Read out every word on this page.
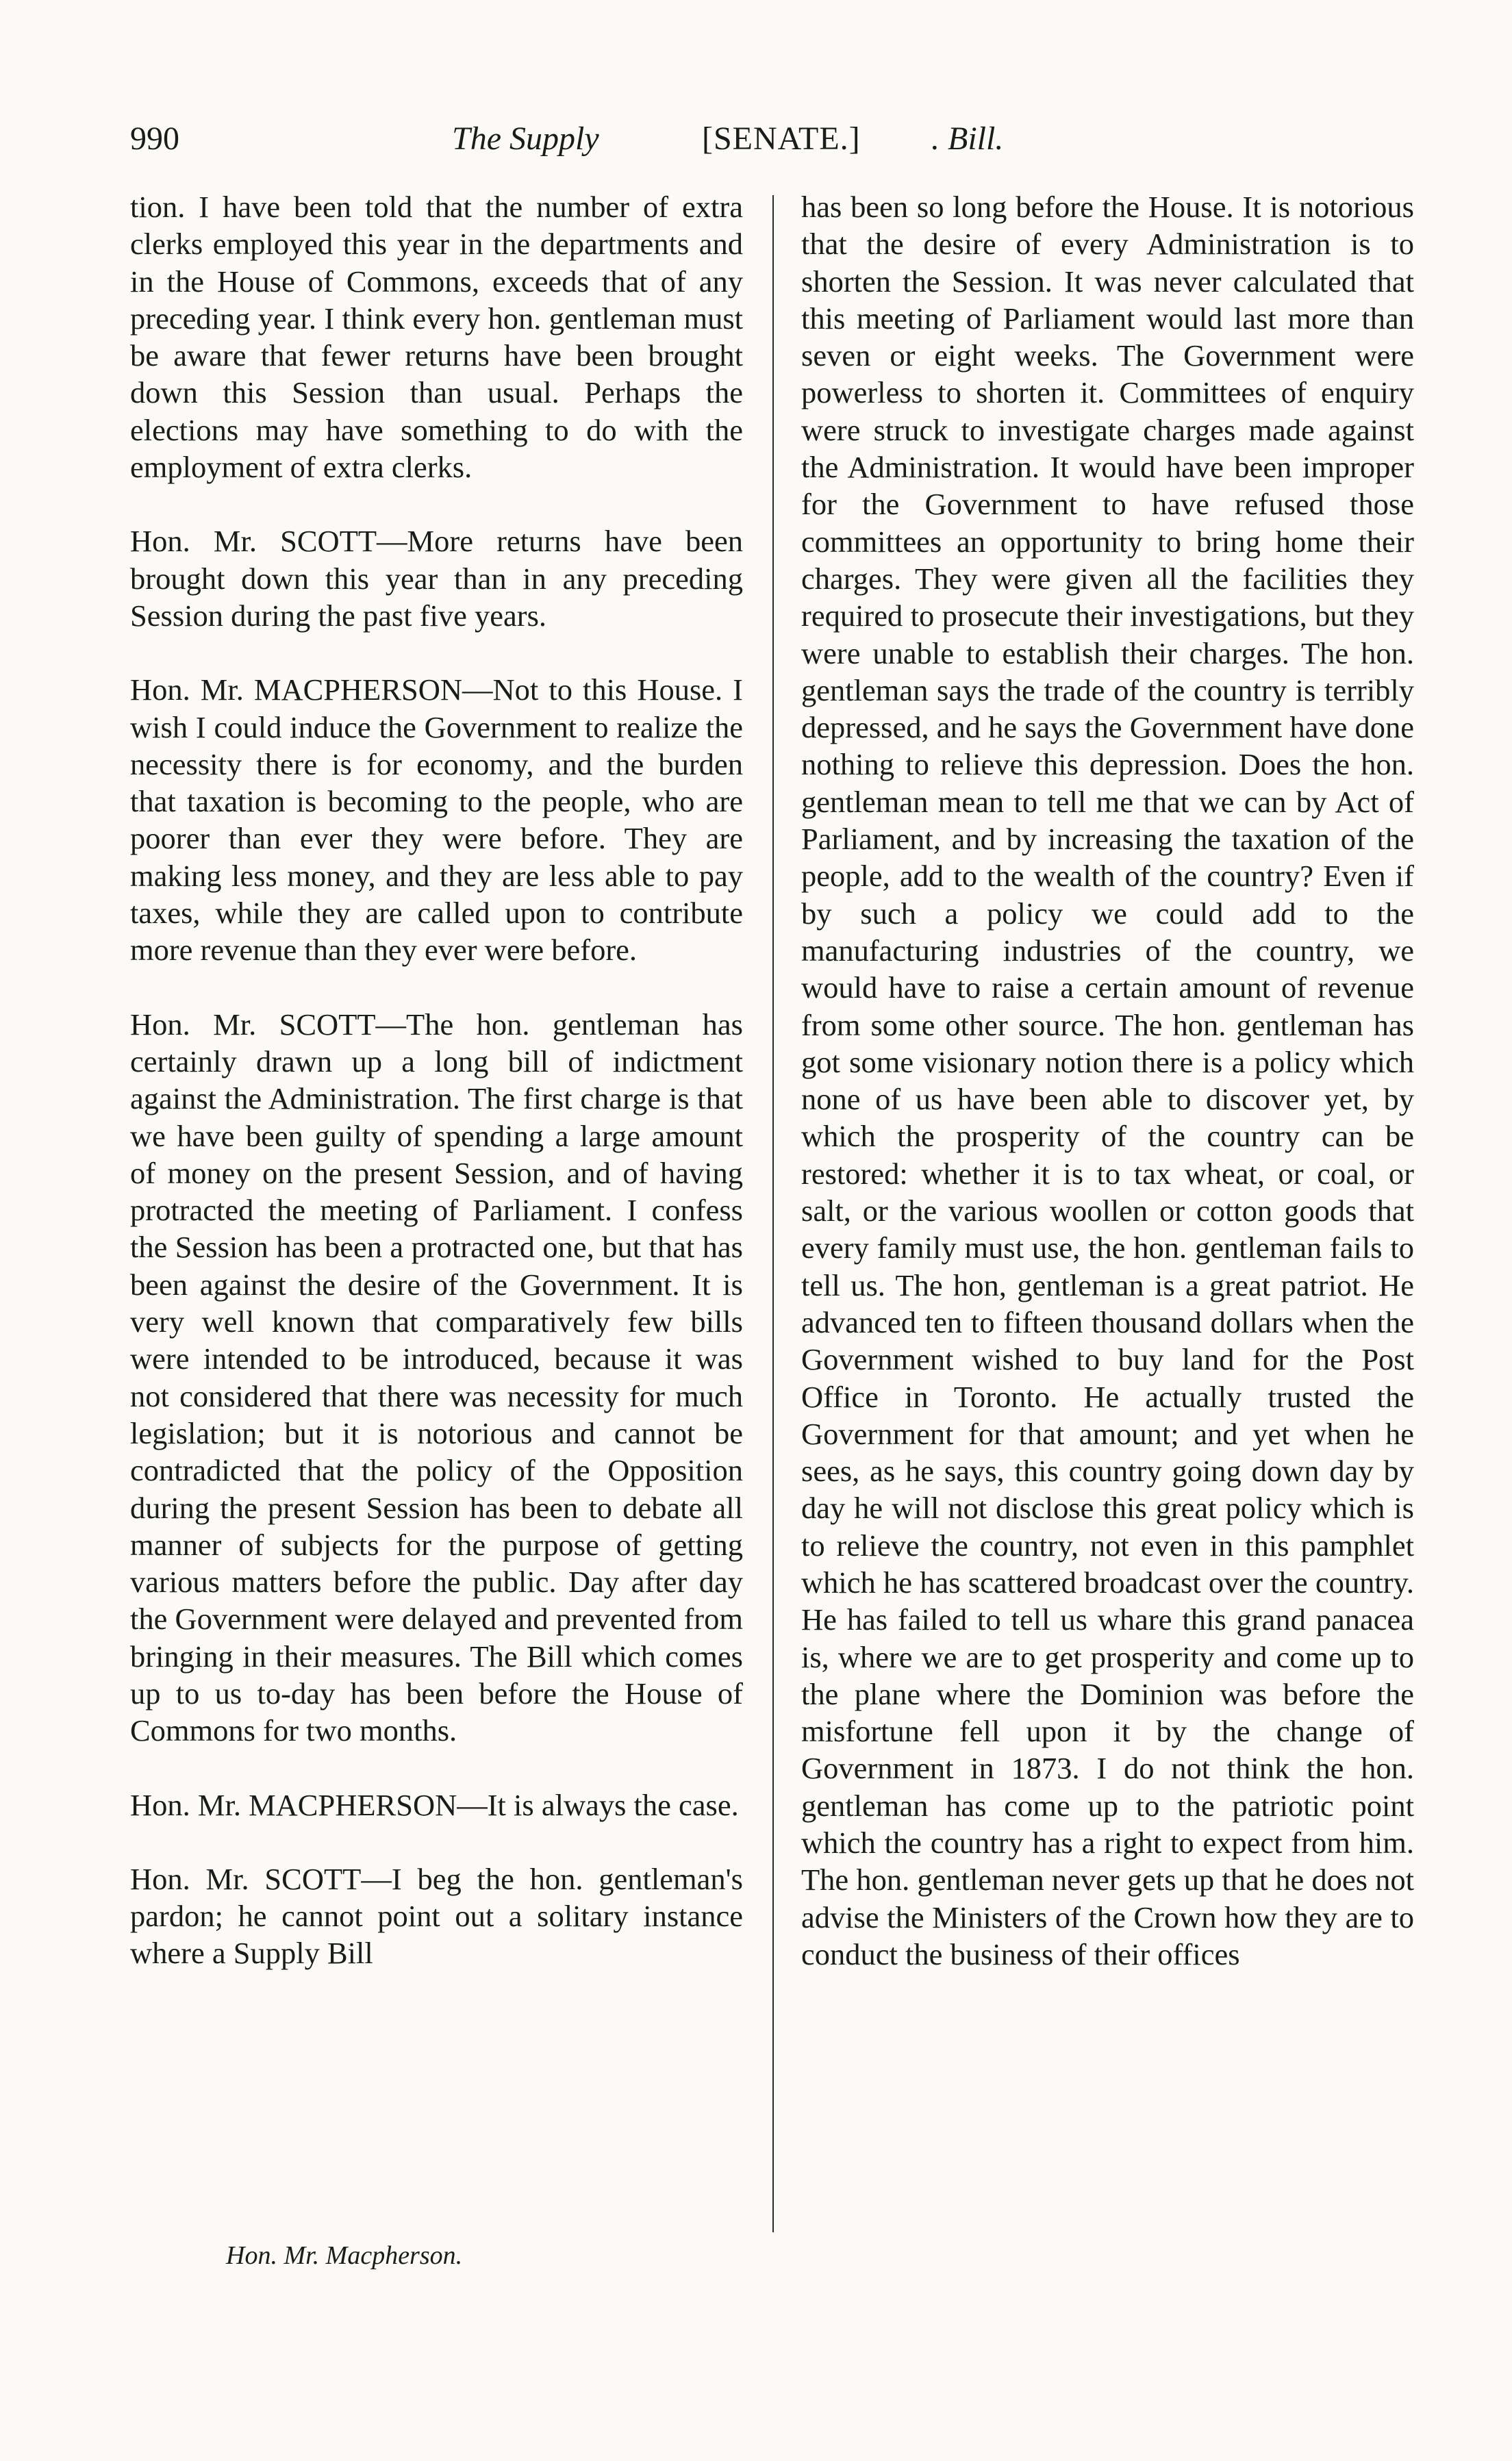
990	The Supply	[SENATE.] . Bill.

tion. I have been told that the number of extra clerks employed this year in the departments and in the House of Commons, exceeds that of any preceding year. I think every hon. gentleman must be aware that fewer returns have been brought down this Session than usual. Perhaps the elections may have something to do with the employment of extra clerks.

Hon. Mr. SCOTT—More returns have been brought down this year than in any preceding Session during the past five years.

Hon. Mr. MACPHERSON—Not to this House. I wish I could induce the Government to realize the necessity there is for economy, and the burden that taxation is becoming to the people, who are poorer than ever they were before. They are making less money, and they are less able to pay taxes, while they are called upon to contribute more revenue than they ever were before.

Hon. Mr. SCOTT—The hon. gentleman has certainly drawn up a long bill of indictment against the Administration. The first charge is that we have been guilty of spending a large amount of money on the present Session, and of having protracted the meeting of Parliament. I confess the Session has been a protracted one, but that has been against the desire of the Government. It is very well known that comparatively few bills were intended to be introduced, because it was not considered that there was necessity for much legislation; but it is notorious and cannot be contradicted that the policy of the Opposition during the present Session has been to debate all manner of subjects for the purpose of getting various matters before the public. Day after day the Government were delayed and prevented from bringing in their measures. The Bill which comes up to us to-day has been before the House of Commons for two months.

Hon. Mr. MACPHERSON—It is always the case.

Hon. Mr. SCOTT—I beg the hon. gentleman's pardon; he cannot point out a solitary instance where a Supply Bill

has been so long before the House. It is notorious that the desire of every Administration is to shorten the Session. It was never calculated that this meeting of Parliament would last more than seven or eight weeks. The Government were powerless to shorten it. Committees of enquiry were struck to investigate charges made against the Administration. It would have been improper for the Government to have refused those committees an opportunity to bring home their charges. They were given all the facilities they required to prosecute their investigations, but they were unable to establish their charges. The hon. gentleman says the trade of the country is terribly depressed, and he says the Government have done nothing to relieve this depression. Does the hon. gentleman mean to tell me that we can by Act of Parliament, and by increasing the taxation of the people, add to the wealth of the country? Even if by such a policy we could add to the manufacturing industries of the country, we would have to raise a certain amount of revenue from some other source. The hon. gentleman has got some visionary notion there is a policy which none of us have been able to discover yet, by which the prosperity of the country can be restored: whether it is to tax wheat, or coal, or salt, or the various woollen or cotton goods that every family must use, the hon. gentleman fails to tell us. The hon, gentleman is a great patriot. He advanced ten to fifteen thousand dollars when the Government wished to buy land for the Post Office in Toronto. He actually trusted the Government for that amount; and yet when he sees, as he says, this country going down day by day he will not disclose this great policy which is to relieve the country, not even in this pamphlet which he has scattered broadcast over the country. He has failed to tell us whare this grand panacea is, where we are to get prosperity and come up to the plane where the Dominion was before the misfortune fell upon it by the change of Government in 1873. I do not think the hon. gentleman has come up to the patriotic point which the country has a right to expect from him. The hon. gentleman never gets up that he does not advise the Ministers of the Crown how they are to conduct the business of their offices

Hon. Mr. Macpherson.
